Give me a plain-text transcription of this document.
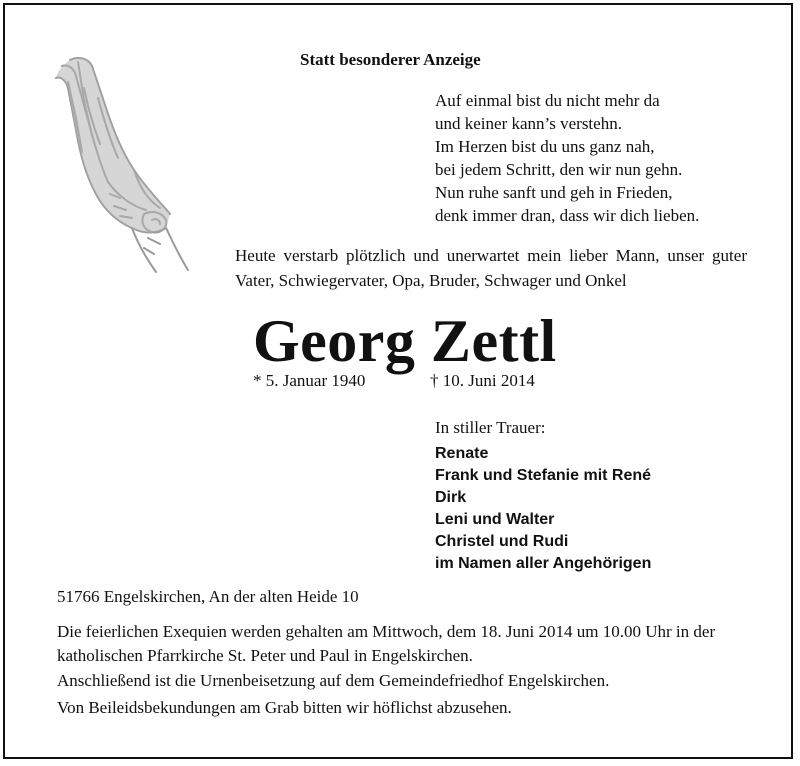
Statt besonderer Anzeige
Auf einmal bist du nicht mehr da
und keiner kann’s verstehn.
Im Herzen bist du uns ganz nah,
bei jedem Schritt, den wir nun gehn.
Nun ruhe sanft und geh in Frieden,
denk immer dran, dass wir dich lieben.
Heute verstarb plötzlich und unerwartet mein lieber Mann, unser guter Vater, Schwiegervater, Opa, Bruder, Schwager und Onkel
Georg Zettl
* 5. Januar 1940	† 10. Juni 2014
In stiller Trauer:
Renate
Frank und Stefanie mit René
Dirk
Leni und Walter
Christel und Rudi
im Namen aller Angehörigen
51766 Engelskirchen, An der alten Heide 10
Die feierlichen Exequien werden gehalten am Mittwoch, dem 18. Juni 2014 um 10.00 Uhr in der katholischen Pfarrkirche St. Peter und Paul in Engelskirchen.
Anschließend ist die Urnenbeisetzung auf dem Gemeindefriedhof Engelskirchen.
Von Beileidsbekundungen am Grab bitten wir höflichst abzusehen.
